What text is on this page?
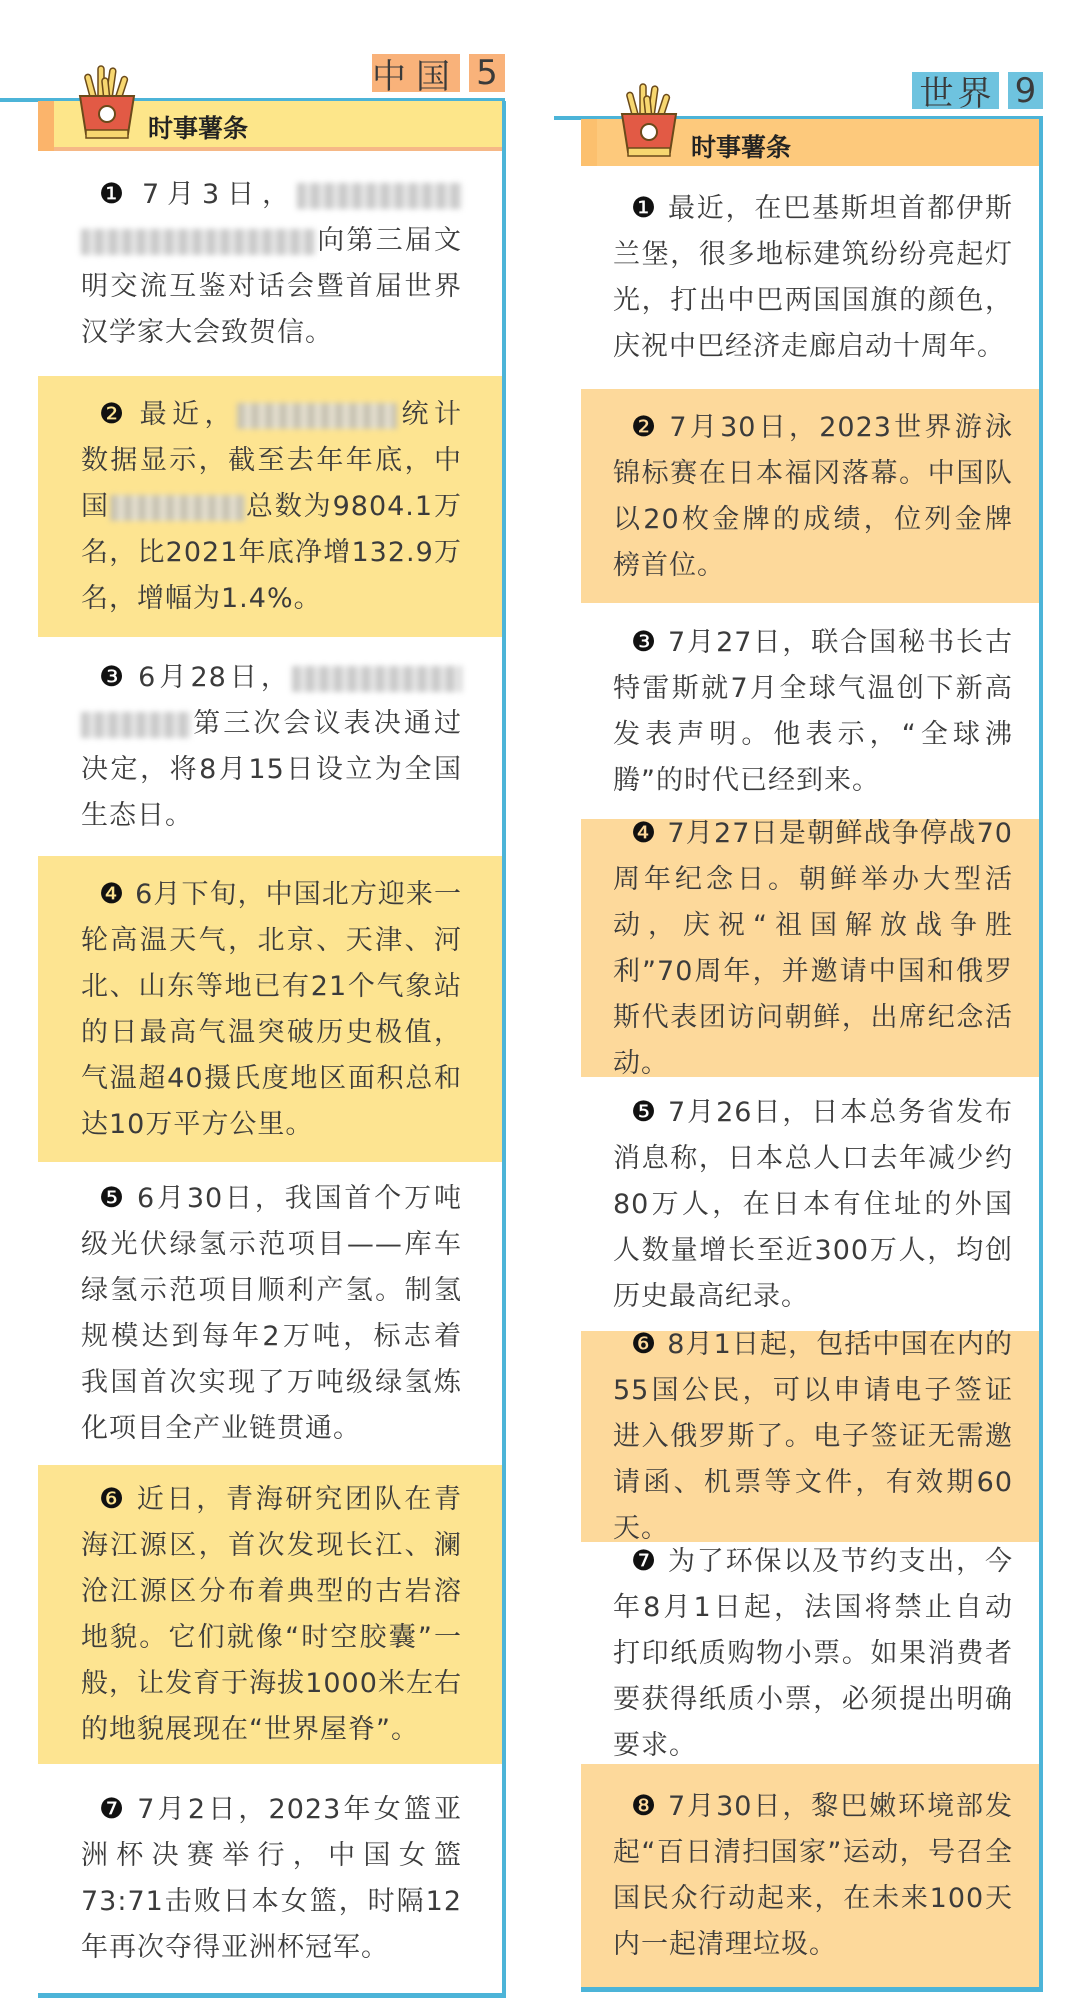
中国 5
时事薯条

❶ 7月3日，向第三届文明交流互鉴对话会暨首届世界汉学家大会致贺信。

❷ 最近，	统计数据显示，截至去年年底，中国	总数为9804.1万名，比2021年底净增132.9万名，增幅为1.4%。

❸ 6月28日，第三次会议表决通过决定，将8月15日设立为全国生态日。

❹ 6月下旬，中国北方迎来一轮高温天气，北京、天津、河北、山东等地已有21个气象站的日最高气温突破历史极值，气温超40摄氏度地区面积总和达10万平方公里。

❺ 6月30日，我国首个万吨级光伏绿氢示范项目——库车绿氢示范项目顺利产氢。制氢规模达到每年2万吨，标志着我国首次实现了万吨级绿氢炼化项目全产业链贯通。

❻ 近日，青海研究团队在青海江源区，首次发现长江、澜沧江源区分布着典型的古岩溶地貌。它们就像“时空胶囊”一般，让发育于海拔1000米左右的地貌展现在“世界屋脊”。

❼ 7月2日，2023年女篮亚洲杯决赛举行，中国女篮73:71击败日本女篮，时隔12年再次夺得亚洲杯冠军。

世界 9
时事薯条

❶ 最近，在巴基斯坦首都伊斯兰堡，很多地标建筑纷纷亮起灯光，打出中巴两国国旗的颜色，庆祝中巴经济走廊启动十周年。

❷ 7月30日，2023世界游泳锦标赛在日本福冈落幕。中国队以20枚金牌的成绩，位列金牌榜首位。

❸ 7月27日，联合国秘书长古特雷斯就7月全球气温创下新高发表声明。他表示，“全球沸腾”的时代已经到来。

❹ 7月27日是朝鲜战争停战70周年纪念日。朝鲜举办大型活动，庆祝“祖国解放战争胜利”70周年，并邀请中国和俄罗斯代表团访问朝鲜，出席纪念活动。

❺ 7月26日，日本总务省发布消息称，日本总人口去年减少约80万人，在日本有住址的外国人数量增长至近300万人，均创历史最高纪录。

❻ 8月1日起，包括中国在内的55国公民，可以申请电子签证进入俄罗斯了。电子签证无需邀请函、机票等文件，有效期60天。

❼ 为了环保以及节约支出，今年8月1日起，法国将禁止自动打印纸质购物小票。如果消费者要获得纸质小票，必须提出明确要求。

❽ 7月30日，黎巴嫩环境部发起“百日清扫国家”运动，号召全国民众行动起来，在未来100天内一起清理垃圾。
